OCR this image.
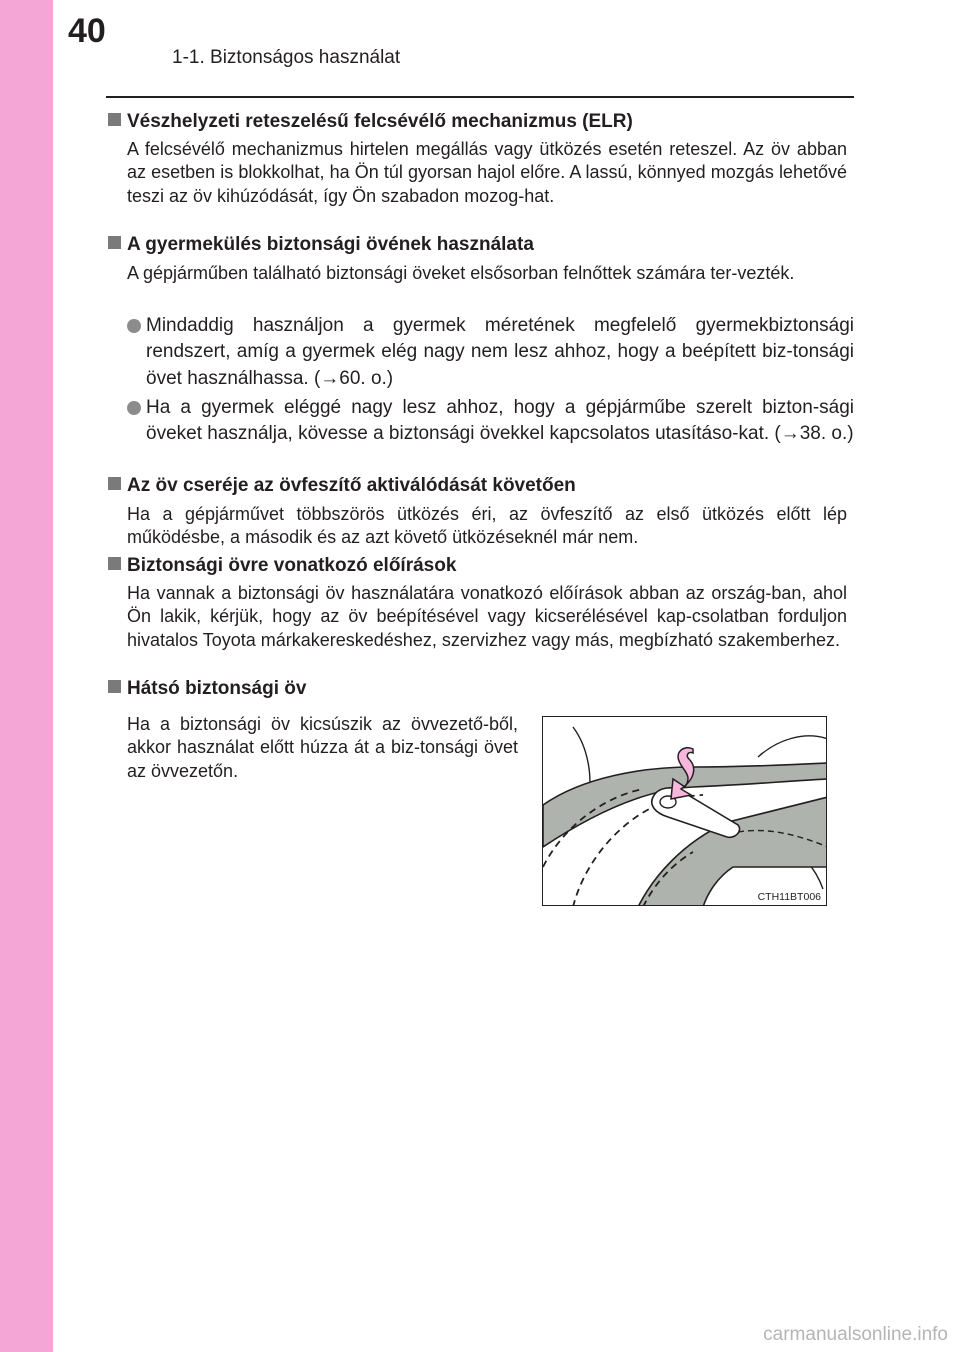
40
1-1. Biztonságos használat
Vészhelyzeti reteszelésű felcsévélő mechanizmus (ELR)
A felcsévélő mechanizmus hirtelen megállás vagy ütközés esetén reteszel. Az öv abban az esetben is blokkolhat, ha Ön túl gyorsan hajol előre. A lassú, könnyed mozgás lehetővé teszi az öv kihúzódását, így Ön szabadon mozog-hat.
A gyermekülés biztonsági övének használata
A gépjárműben található biztonsági öveket elsősorban felnőttek számára ter-vezték.
Mindaddig használjon a gyermek méretének megfelelő gyermekbiztonsági rendszert, amíg a gyermek elég nagy nem lesz ahhoz, hogy a beépített biz-tonsági övet használhassa. (→60. o.)
Ha a gyermek eléggé nagy lesz ahhoz, hogy a gépjárműbe szerelt bizton-sági öveket használja, kövesse a biztonsági övekkel kapcsolatos utasításo-kat. (→38. o.)
Az öv cseréje az övfeszítő aktiválódását követően
Ha a gépjárművet többszörös ütközés éri, az övfeszítő az első ütközés előtt lép működésbe, a második és az azt követő ütközéseknél már nem.
Biztonsági övre vonatkozó előírások
Ha vannak a biztonsági öv használatára vonatkozó előírások abban az ország-ban, ahol Ön lakik, kérjük, hogy az öv beépítésével vagy kicserélésével kap-csolatban forduljon hivatalos Toyota márkakereskedéshez, szervizhez vagy más, megbízható szakemberhez.
Hátsó biztonsági öv
Ha a biztonsági öv kicsúszik az övvezető-ből, akkor használat előtt húzza át a biz-tonsági övet az övvezetőn.
CTH11BT006
carmanualsonline.info
